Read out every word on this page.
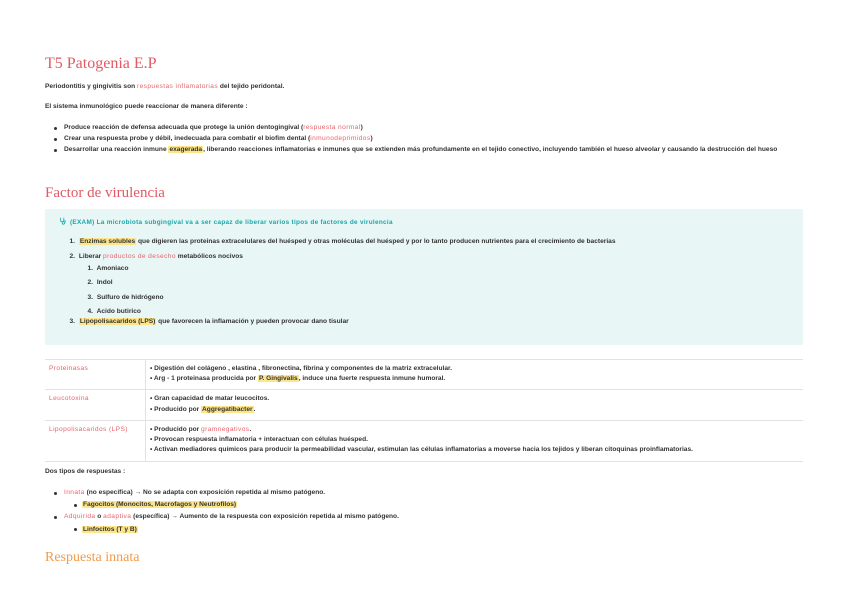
T5 Patogenia E.P
Periodontitis y gingivitis son respuestas inflamatorias del tejido peridontal.
El sistema inmunológico puede reaccionar de manera diferente :
Produce reacción de defensa adecuada que protege la unión dentogingival (respuesta normal)
Crear una respuesta probe y débil, inedecuada para combatir el biofim dental (inmunodeprimidos)
Desarrollar una reacción inmune exagerada, liberando reacciones inflamatorias e inmunes que se extienden más profundamente en el tejido conectivo, incluyendo también el hueso alveolar y causando la destrucción del hueso
Factor de virulencia
(EXAM) La microbiota subgingival va a ser capaz de liberar varios tipos de factores de virulencia
1. Enzimas solubles que digieren las proteinas extracelulares del huésped y otras moléculas del huésped y por lo tanto producen nutrientes para el crecimiento de bacterias
2. Liberar productos de desecho metabólicos nocivos
1. Amoniaco
2. Indol
3. Sulfuro de hidrógeno
4. Acido butirico
3. Lipopolisacaridos (LPS) que favorecen la inflamación y pueden provocar dano tisular
Proteinasas	• Digestión del colágeno , elastina , fibronectina, fibrina y componentes de la matriz extracelular.
• Arg - 1 proteinasa producida por P. Gingivalis, induce una fuerte respuesta inmune humoral.

Leucotoxina	• Gran capacidad de matar leucocitos.
• Producido por Aggregatibacter.

Lipopolisacaridos (LPS)	• Producido por gramnegativos.
• Provocan respuesta inflamatoria + interactuan con células huésped.
• Activan mediadores químicos para producir la permeabilidad vascular, estimulan las células inflamatorias a moverse hacia los tejidos y liberan citoquinas proinflamatorias.
Dos tipos de respuestas :
Innata (no específica) → No se adapta con exposición repetida al mismo patógeno.
Fagocitos (Monocitos, Macrofagos y Neutrofilos)
Adquirida o adaptiva (específica) → Aumento de la respuesta con exposición repetida al mismo patógeno.
Linfocitos (T y B)
Respuesta innata
